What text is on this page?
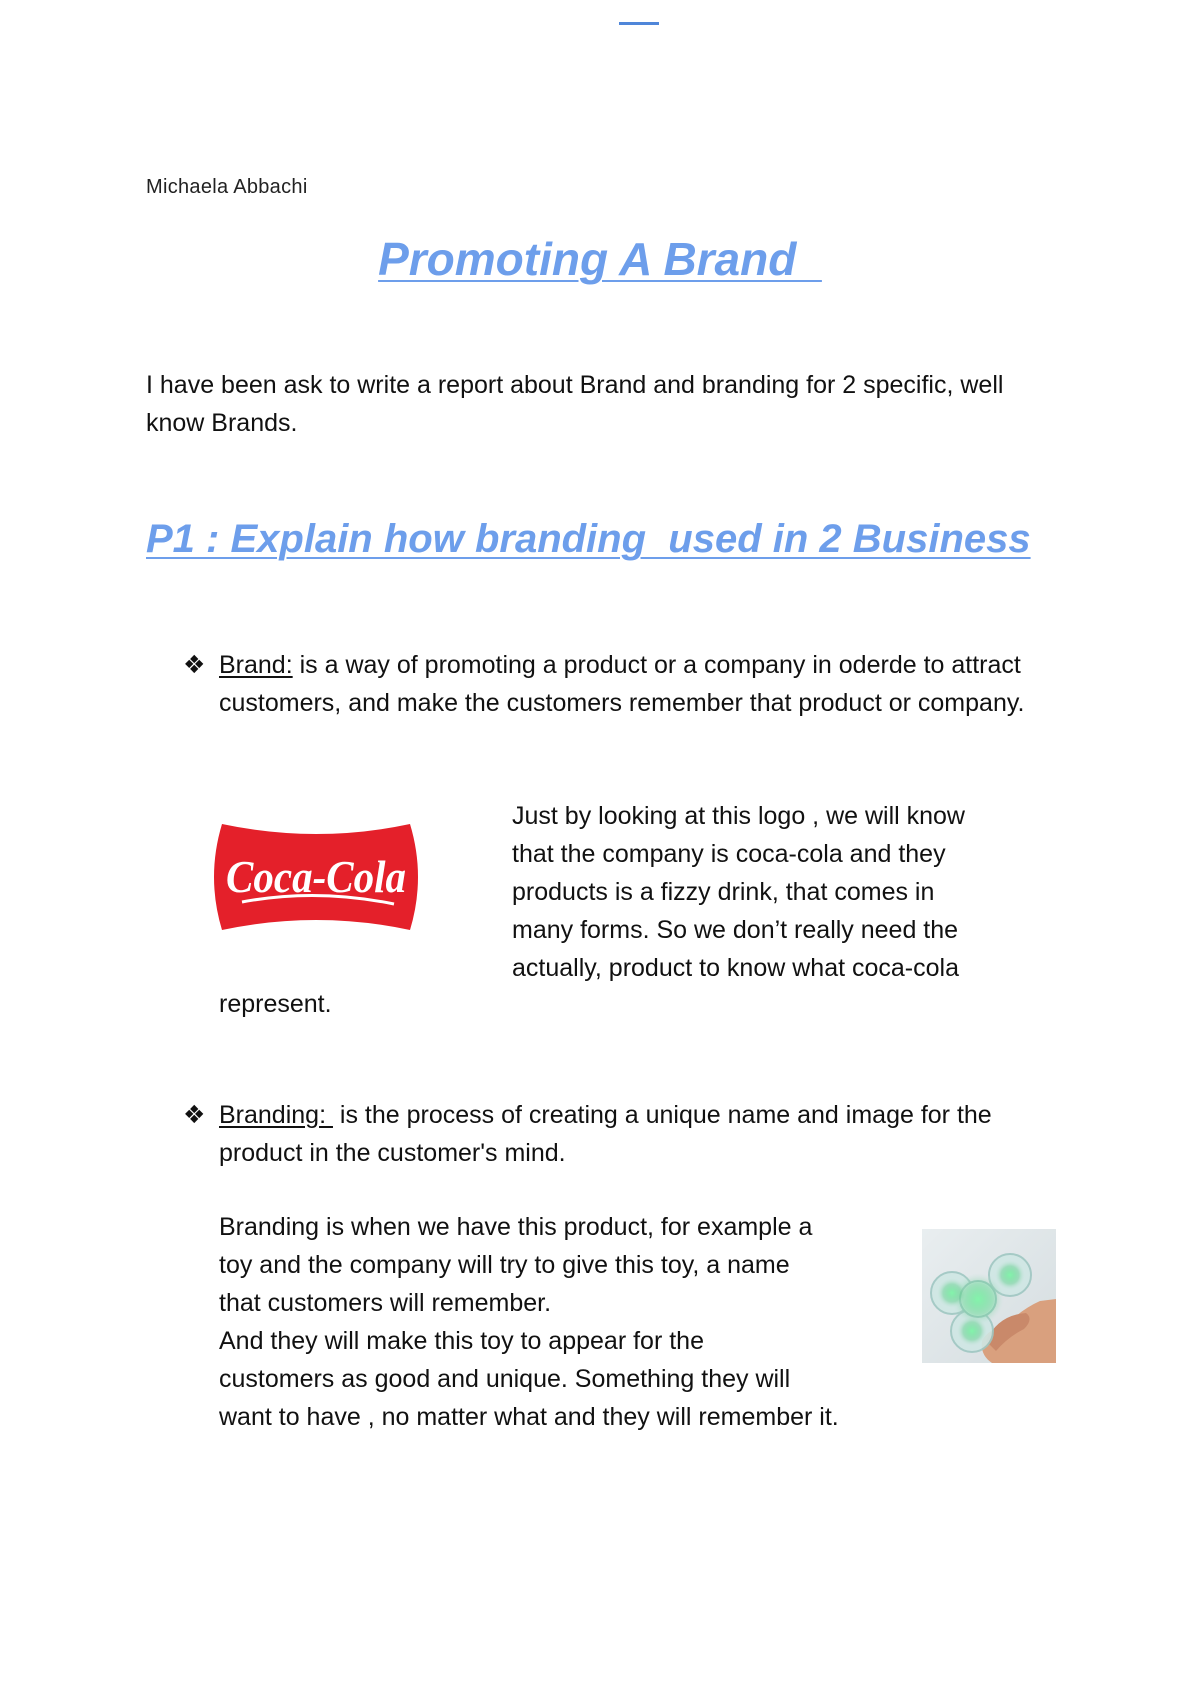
Michaela Abbachi
Promoting A Brand
I have been ask to write a report about Brand and branding for 2 specific, well know Brands.
P1 : Explain how branding  used in 2 Business
❖ Brand: is a way of promoting a product or a company in oderde to attract customers, and make the customers remember that product or company.
Coca-Cola
Just by looking at this logo , we will know
that the company is coca-cola and they
products is a fizzy drink, that comes in
many forms. So we don’t really need the
actually, product to know what coca-cola
represent.
❖ Branding:  is the process of creating a unique name and image for the product in the customer's mind.
Branding is when we have this product, for example a
toy and the company will try to give this toy, a name
that customers will remember.
And they will make this toy to appear for the
customers as good and unique. Something they will
want to have , no matter what and they will remember it.
